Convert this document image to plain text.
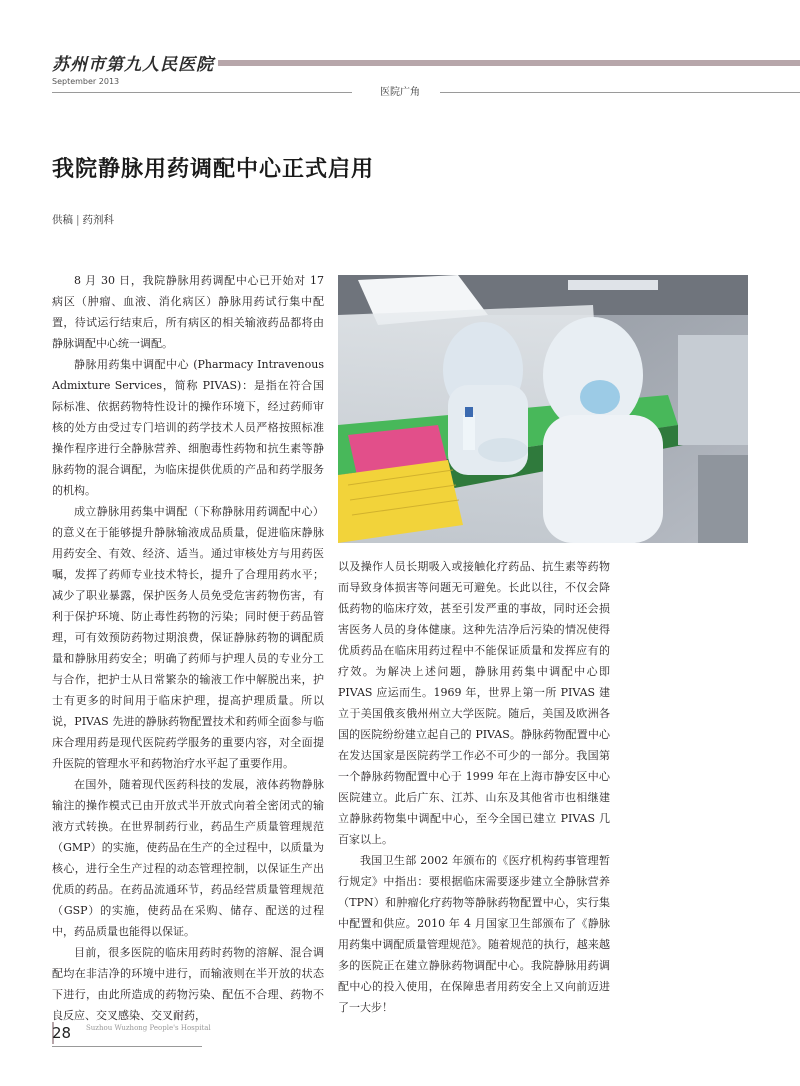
苏州市第九人民医院
September 2013
医院广角
我院静脉用药调配中心正式启用
供稿 | 药剂科

8 月 30 日，我院静脉用药调配中心已开始对 17 病区（肿瘤、血液、消化病区）静脉用药试行集中配置，待试运行结束后，所有病区的相关输液药品都将由静脉调配中心统一调配。

静脉用药集中调配中心 (Pharmacy Intravenous Admixture Services，简称 PIVAS)：是指在符合国际标准、依据药物特性设计的操作环境下，经过药师审核的处方由受过专门培训的药学技术人员严格按照标准操作程序进行全静脉营养、细胞毒性药物和抗生素等静脉药物的混合调配，为临床提供优质的产品和药学服务的机构。

成立静脉用药集中调配（下称静脉用药调配中心）的意义在于能够提升静脉输液成品质量，促进临床静脉用药安全、有效、经济、适当。通过审核处方与用药医嘱，发挥了药师专业技术特长，提升了合理用药水平；减少了职业暴露，保护医务人员免受危害药物伤害，有利于保护环境、防止毒性药物的污染；同时便于药品管理，可有效预防药物过期浪费，保证静脉药物的调配质量和静脉用药安全；明确了药师与护理人员的专业分工与合作，把护士从日常繁杂的输液工作中解脱出来，护士有更多的时间用于临床护理，提高护理质量。所以说，PIVAS 先进的静脉药物配置技术和药师全面参与临床合理用药是现代医院药学服务的重要内容，对全面提升医院的管理水平和药物治疗水平起了重要作用。

在国外，随着现代医药科技的发展，液体药物静脉输注的操作模式已由开放式半开放式向着全密闭式的输液方式转换。在世界制药行业，药品生产质量管理规范（GMP）的实施，使药品在生产的全过程中，以质量为核心，进行全生产过程的动态管理控制，以保证生产出优质的药品。在药品流通环节，药品经营质量管理规范（GSP）的实施，使药品在采购、储存、配送的过程中，药品质量也能得以保证。

目前，很多医院的临床用药时药物的溶解、混合调配均在非洁净的环境中进行，而输液则在半开放的状态下进行，由此所造成的药物污染、配伍不合理、药物不良反应、交叉感染、交叉耐药，

以及操作人员长期吸入或接触化疗药品、抗生素等药物而导致身体损害等问题无可避免。长此以往，不仅会降低药物的临床疗效，甚至引发严重的事故，同时还会损害医务人员的身体健康。这种先洁净后污染的情况使得优质药品在临床用药过程中不能保证质量和发挥应有的疗效。为解决上述问题，静脉用药集中调配中心即 PIVAS 应运而生。1969 年，世界上第一所 PIVAS 建立于美国俄亥俄州州立大学医院。随后，美国及欧洲各国的医院纷纷建立起自己的 PIVAS。静脉药物配置中心在发达国家是医院药学工作必不可少的一部分。我国第一个静脉药物配置中心于 1999 年在上海市静安区中心医院建立。此后广东、江苏、山东及其他省市也相继建立静脉药物集中调配中心，至今全国已建立 PIVAS 几百家以上。

我国卫生部 2002 年颁布的《医疗机构药事管理暂行规定》中指出：要根据临床需要逐步建立全静脉营养（TPN）和肿瘤化疗药物等静脉药物配置中心，实行集中配置和供应。2010 年 4 月国家卫生部颁布了《静脉用药集中调配质量管理规范》。随着规范的执行，越来越多的医院正在建立静脉药物调配中心。我院静脉用药调配中心的投入使用，在保障患者用药安全上又向前迈进了一大步！

28 Suzhou Wuzhong People's Hospital
